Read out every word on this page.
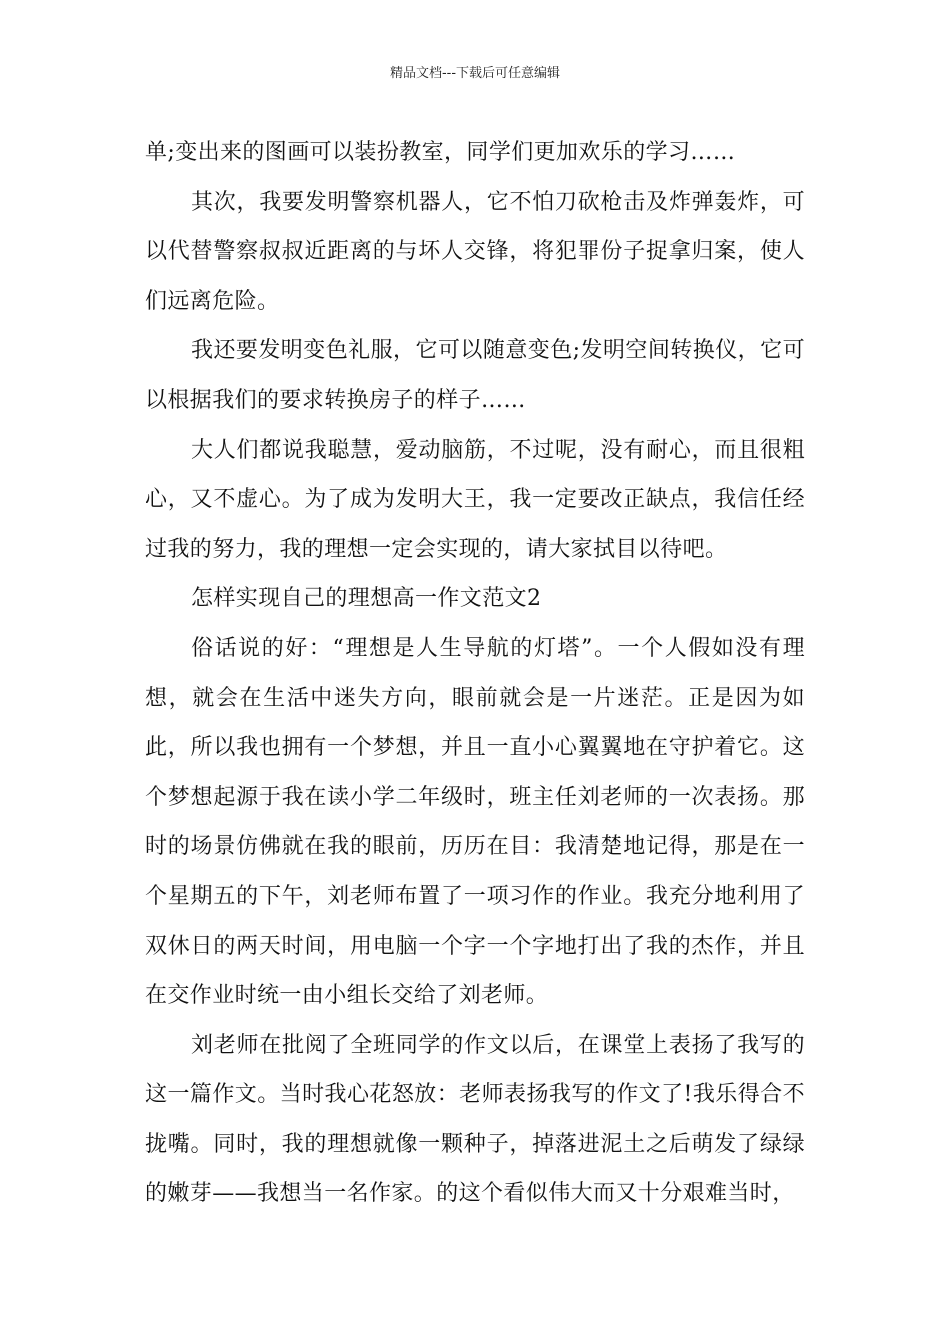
精品文档---下载后可任意编辑

单;变出来的图画可以装扮教室，同学们更加欢乐的学习……

其次，我要发明警察机器人，它不怕刀砍枪击及炸弹轰炸，可以代替警察叔叔近距离的与坏人交锋，将犯罪份子捉拿归案，使人们远离危险。

我还要发明变色礼服，它可以随意变色;发明空间转换仪，它可以根据我们的要求转换房子的样子……

大人们都说我聪慧，爱动脑筋，不过呢，没有耐心，而且很粗心，又不虚心。为了成为发明大王，我一定要改正缺点，我信任经过我的努力，我的理想一定会实现的，请大家拭目以待吧。

怎样实现自己的理想高一作文范文2

俗话说的好：“理想是人生导航的灯塔”。一个人假如没有理想，就会在生活中迷失方向，眼前就会是一片迷茫。正是因为如此，所以我也拥有一个梦想，并且一直小心翼翼地在守护着它。这个梦想起源于我在读小学二年级时，班主任刘老师的一次表扬。那时的场景仿佛就在我的眼前，历历在目：我清楚地记得，那是在一个星期五的下午，刘老师布置了一项习作的作业。我充分地利用了双休日的两天时间，用电脑一个字一个字地打出了我的杰作，并且在交作业时统一由小组长交给了刘老师。

刘老师在批阅了全班同学的作文以后，在课堂上表扬了我写的这一篇作文。当时我心花怒放：老师表扬我写的作文了!我乐得合不拢嘴。同时，我的理想就像一颗种子，掉落进泥土之后萌发了绿绿的嫩芽——我想当一名作家。的这个看似伟大而又十分艰难当时，
